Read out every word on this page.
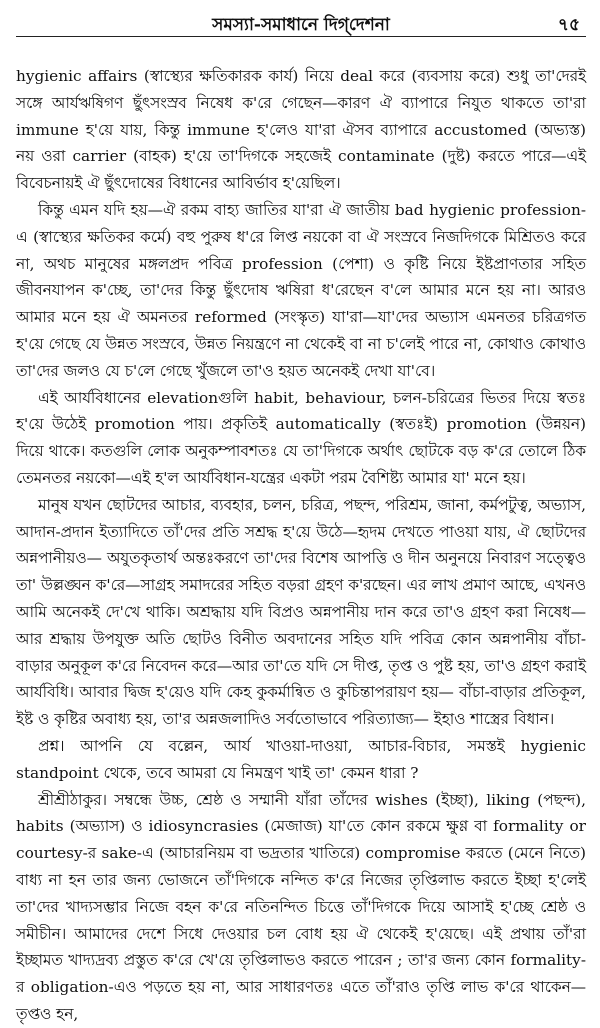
সমস্যা-সমাধানে দিগ্‌দেশনা	৭৫

hygienic affairs (স্বাস্থ্যের ক্ষতিকারক কার্য) নিয়ে deal করে (ব্যবসায় করে) শুধু তা'দেরই সঙ্গে আর্যঋষিগণ ছুঁৎসংস্রব নিষেধ ক'রে গেছেন—কারণ ঐ ব্যাপারে নিযুত থাকতে তা'রা immune হ'য়ে যায়, কিন্তু immune হ'লেও যা'রা ঐসব ব্যাপারে accustomed (অভ্যস্ত) নয় ওরা carrier (বাহক) হ'য়ে তা'দিগকে সহজেই contaminate (দুষ্ট) করতে পারে—এই বিবেচনায়ই ঐ ছুঁৎদোষের বিধানের আবির্ভাব হ'য়েছিল।

কিন্তু এমন যদি হয়—ঐ রকম বাহ্য জাতির যা'রা ঐ জাতীয় bad hygienic profession-এ (স্বাস্থ্যের ক্ষতিকর কর্মে) বহু পুরুষ ধ'রে লিপ্ত নয়কো বা ঐ সংস্রবে নিজদিগকে মিশ্রিতও করে না, অথচ মানুষের মঙ্গলপ্রদ পবিত্র profession (পেশা) ও কৃষ্টি নিয়ে ইষ্টপ্রাণতার সহিত জীবনযাপন ক'চ্ছে, তা'দের কিন্তু ছুঁৎদোষ ঋষিরা ধ'রেছেন ব'লে আমার মনে হয় না। আরও আমার মনে হয় ঐ অমনতর reformed (সংস্কৃত) যা'রা—যা'দের অভ্যাস এমনতর চরিত্রগত হ'য়ে গেছে যে উন্নত সংস্রবে, উন্নত নিয়ন্ত্রণে না থেকেই বা না চ'লেই পারে না, কোথাও কোথাও তা'দের জলও যে চ'লে গেছে খুঁজলে তা'ও হয়ত অনেকই দেখা যা'বে।

এই আর্যবিধানের elevationগুলি habit, behaviour, চলন-চরিত্রের ভিতর দিয়ে স্বতঃ হ'য়ে উঠেই promotion পায়। প্রকৃতিই automatically (স্বতঃই) promotion (উন্নয়ন) দিয়ে থাকে। কতগুলি লোক অনুকম্পাবশতঃ যে তা'দিগকে অর্থাৎ ছোটকে বড় ক'রে তোলে ঠিক তেমনতর নয়কো—এই হ'ল আর্যবিধান-যন্ত্রের একটা পরম বৈশিষ্ট্য আমার যা' মনে হয়।

মানুষ যখন ছোটদের আচার, ব্যবহার, চলন, চরিত্র, পছন্দ, পরিশ্রম, জানা, কর্মপটুত্ব, অভ্যাস, আদান-প্রদান ইত্যাদিতে তাঁ'দের প্রতি সশ্রদ্ধ হ'য়ে উঠে—হৃদম দেখতে পাওয়া যায়, ঐ ছোটদের অন্নপানীয়ও— অযুতকৃতার্থ অন্তঃকরণে তা'দের বিশেষ আপত্তি ও দীন অনুনয়ে নিবারণ সত্ত্বেও তা' উল্লঙ্ঘন ক'রে—সাগ্রহ সমাদরের সহিত বড়রা গ্রহণ ক'রছেন। এর লাখ প্রমাণ আছে, এখনও আমি অনেকই দে'খে থাকি। অশ্রদ্ধায় যদি বিপ্রও অন্নপানীয় দান করে তা'ও গ্রহণ করা নিষেধ—আর শ্রদ্ধায় উপযুক্ত অতি ছোটও বিনীত অবদানের সহিত যদি পবিত্র কোন অন্নপানীয় বাঁচা-বাড়ার অনুকূল ক'রে নিবেদন করে—আর তা'তে যদি সে দীপ্ত, তৃপ্ত ও পুষ্ট হয়, তা'ও গ্রহণ করাই আর্যবিধি। আবার দ্বিজ হ'য়েও যদি কেহ কুকর্মান্বিত ও কুচিন্তাপরায়ণ হয়— বাঁচা-বাড়ার প্রতিকূল, ইষ্ট ও কৃষ্টির অবাধ্য হয়, তা'র অন্নজলাদিও সর্বতোভাবে পরিত্যাজ্য— ইহাও শাস্ত্রের বিধান।

প্রশ্ন। আপনি যে বল্লেন, আর্য খাওয়া-দাওয়া, আচার-বিচার, সমস্তই hygienic standpoint থেকে, তবে আমরা যে নিমন্ত্রণ খাই তা' কেমন ধারা ?

শ্রীশ্রীঠাকুর। সম্বন্ধে উচ্চ, শ্রেষ্ঠ ও সম্মানী যাঁরা তাঁদের wishes (ইচ্ছা), liking (পছন্দ), habits (অভ্যাস) ও idiosyncrasies (মেজাজ) যা'তে কোন রকমে ক্ষুণ্ণ বা formality or courtesy-র sake-এ (আচারনিয়ম বা ভদ্রতার খাতিরে) compromise করতে (মেনে নিতে) বাধ্য না হন তার জন্য ভোজনে তাঁ'দিগকে নন্দিত ক'রে নিজের তৃপ্তিলাভ করতে ইচ্ছা হ'লেই তা'দের খাদ্যসম্ভার নিজে বহন ক'রে নতিনন্দিত চিত্তে তাঁ'দিগকে দিয়ে আসাই হ'চ্ছে শ্রেষ্ঠ ও সমীচীন। আমাদের দেশে সিধে দেওয়ার চল বোধ হয় ঐ থেকেই হ'য়েছে। এই প্রথায় তাঁ'রা ইচ্ছামত খাদ্যদ্রব্য প্রস্তুত ক'রে খে'য়ে তৃপ্তিলাভও করতে পারেন ; তা'র জন্য কোন formality-র obligation-এও পড়তে হয় না, আর সাধারণতঃ এতে তাঁ'রাও তৃপ্তি লাভ ক'রে থাকেন—তৃপ্তও হন,
